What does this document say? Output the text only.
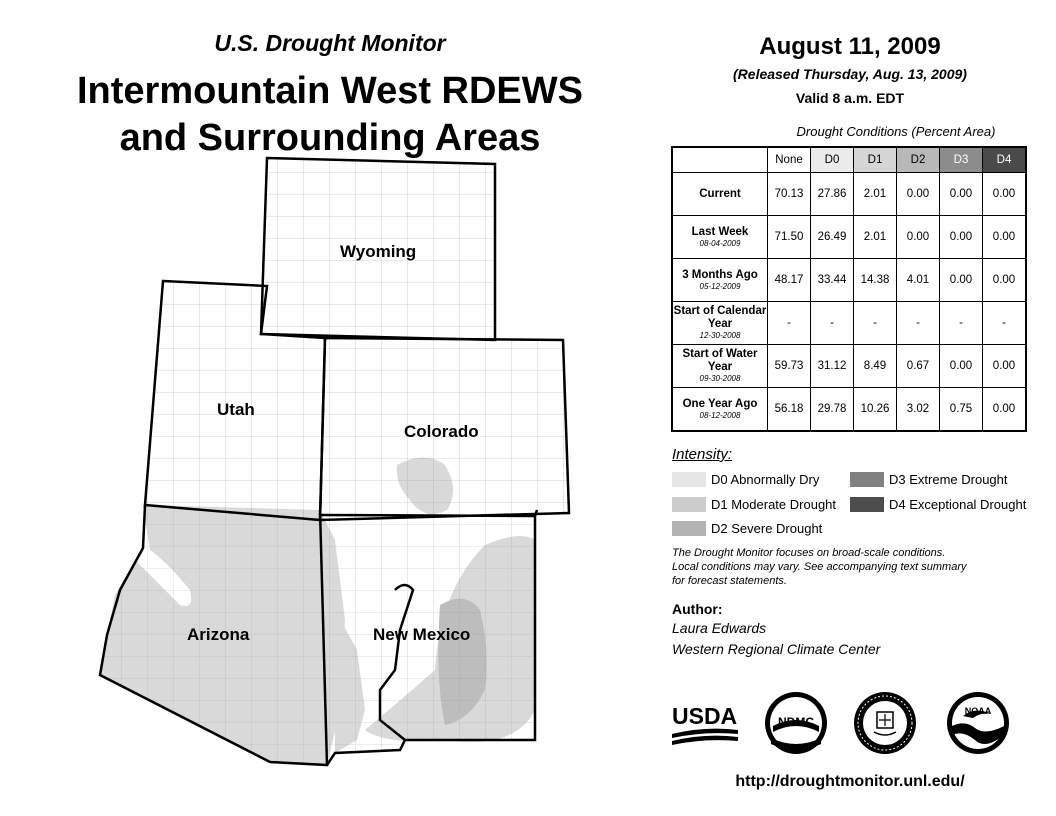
U.S. Drought Monitor
Intermountain West RDEWS
and Surrounding Areas
Wyoming
Utah
Colorado
Arizona	New Mexico
August 11, 2009
(Released Thursday, Aug. 13, 2009)
Valid 8 a.m. EDT
Drought Conditions (Percent Area)
	None	D0	D1	D2	D3	D4
Current	70.13	27.86	2.01	0.00	0.00	0.00
Last Week
08-04-2009	71.50	26.49	2.01	0.00	0.00	0.00
3 Months Ago
05-12-2009	48.17	33.44	14.38	4.01	0.00	0.00
Start of Calendar Year
12-30-2008	-	-	-	-	-	-
Start of Water Year
09-30-2008	59.73	31.12	8.49	0.67	0.00	0.00
One Year Ago
08-12-2008	56.18	29.78	10.26	3.02	0.75	0.00
Intensity:
D0 Abnormally Dry
D1 Moderate Drought
D2 Severe Drought
D3 Extreme Drought
D4 Exceptional Drought
The Drought Monitor focuses on broad-scale conditions.
Local conditions may vary. See accompanying text summary
for forecast statements.
Author:
Laura Edwards
Western Regional Climate Center
USDA	NDMC
NOAA
http://droughtmonitor.unl.edu/
